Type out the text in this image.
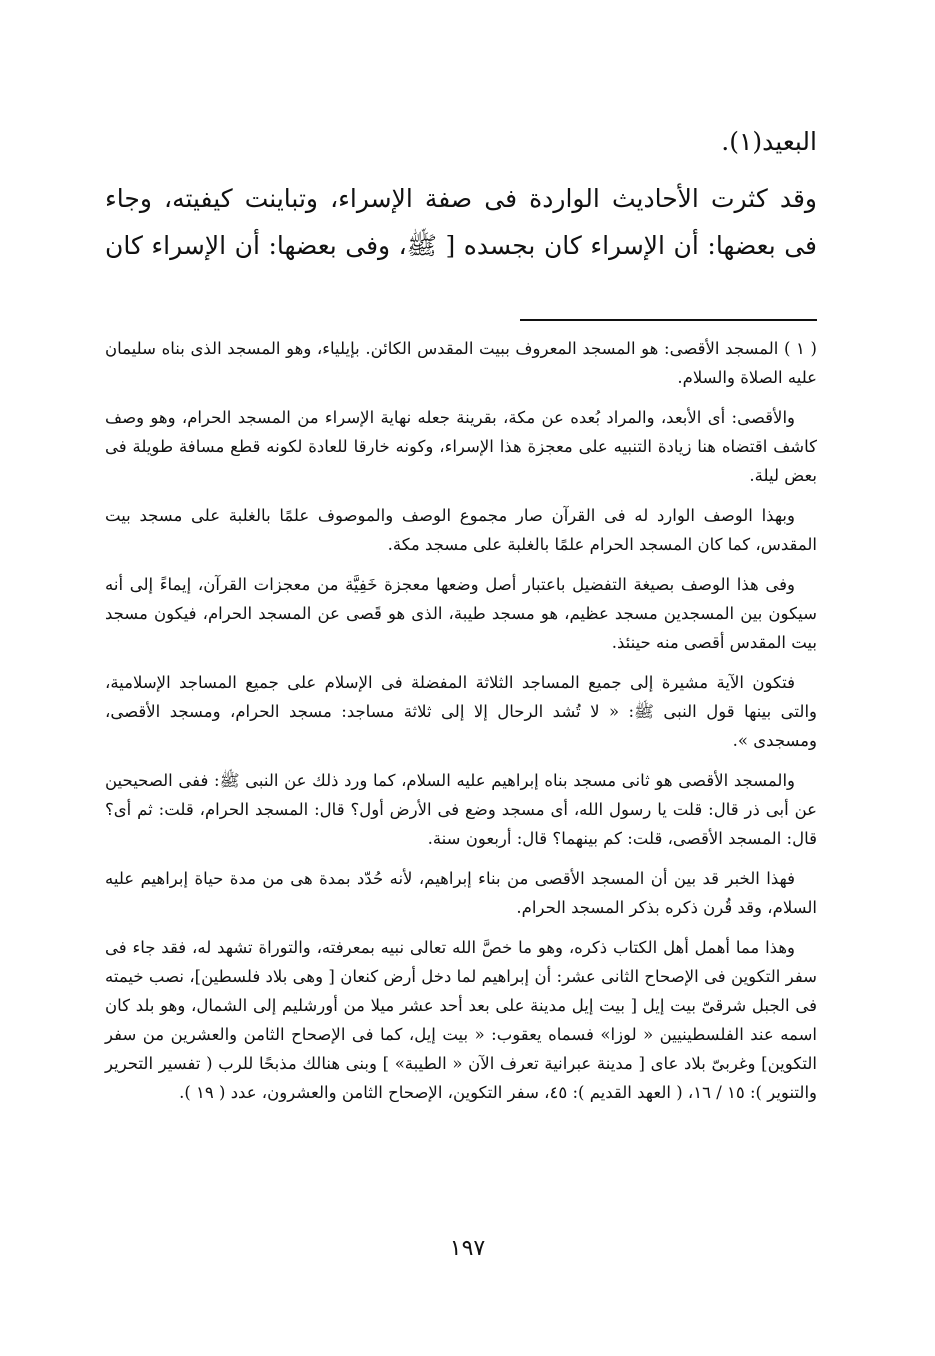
البعيد(١).

وقد كثرت الأحاديث الواردة فى صفة الإسراء، وتباينت كيفيته، وجاء فى بعضها: أن الإسراء كان بجسده [ ﷺ، وفى بعضها: أن الإسراء كان

( ١ ) المسجد الأقصى: هو المسجد المعروف ببيت المقدس الكائن. بإيلياء، وهو المسجد الذى بناه سليمان عليه الصلاة والسلام.

والأقصى: أى الأبعد، والمراد بُعده عن مكة، بقرينة جعله نهاية الإسراء من المسجد الحرام، وهو وصف كاشف اقتضاه هنا زيادة التنبيه على معجزة هذا الإسراء، وكونه خارقا للعادة لكونه قطع مسافة طويلة فى بعض ليلة.

وبهذا الوصف الوارد له فى القرآن صار مجموع الوصف والموصوف علمًا بالغلبة على مسجد بيت المقدس، كما كان المسجد الحرام علمًا بالغلبة على مسجد مكة.

وفى هذا الوصف بصيغة التفضيل باعتبار أصل وضعها معجزة خَفِيَّة من معجزات القرآن، إيماءً إلى أنه سيكون بين المسجدين مسجد عظيم، هو مسجد طيبة، الذى هو قَصى عن المسجد الحرام، فيكون مسجد بيت المقدس أقصى منه حينئذ.

فتكون الآية مشيرة إلى جميع المساجد الثلاثة المفضلة فى الإسلام على جميع المساجد الإسلامية، والتى بينها قول النبى ﷺ: « لا تُشد الرحال إلا إلى ثلاثة مساجد: مسجد الحرام، ومسجد الأقصى، ومسجدى ».

والمسجد الأقصى هو ثانى مسجد بناه إبراهيم عليه السلام، كما ورد ذلك عن النبى ﷺ: ففى الصحيحين عن أبى ذر قال: قلت يا رسول الله، أى مسجد وضع فى الأرض أول؟ قال: المسجد الحرام، قلت: ثم أى؟ قال: المسجد الأقصى، قلت: كم بينهما؟ قال: أربعون سنة.

فهذا الخبر قد بين أن المسجد الأقصى من بناء إبراهيم، لأنه حُدّد بمدة هى من مدة حياة إبراهيم عليه السلام، وقد قُرن ذكره بذكر المسجد الحرام.

وهذا مما أهمل أهل الكتاب ذكره، وهو ما خصَّ الله تعالى نبيه بمعرفته، والتوراة تشهد له، فقد جاء فى سفر التكوين فى الإصحاح الثانى عشر: أن إبراهيم لما دخل أرض كنعان [ وهى بلاد فلسطين]، نصب خيمته فى الجبل شرقىّ بيت إيل [ بيت إيل مدينة على بعد أحد عشر ميلا من أورشليم إلى الشمال، وهو بلد كان اسمه عند الفلسطينيين « لوزا» فسماه يعقوب: « بيت إيل، كما فى الإصحاح الثامن والعشرين من سفر التكوين] وغربىّ بلاد عاى [ مدينة عبرانية تعرف الآن « الطيبة» ] وبنى هنالك مذبحًا للرب ( تفسير التحرير والتنوير ): ١٥ / ١٦، ( العهد القديم ): ٤٥، سفر التكوين، الإصحاح الثامن والعشرون، عدد ( ١٩ ).

١٩٧
